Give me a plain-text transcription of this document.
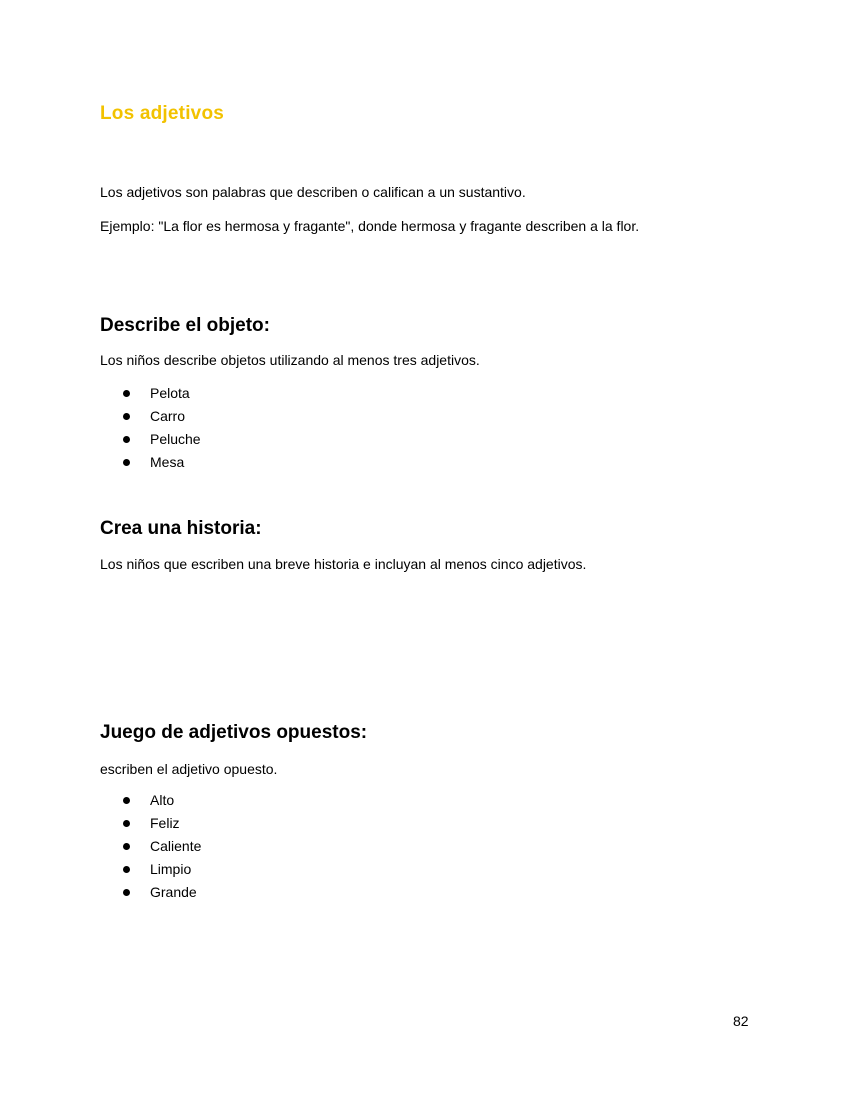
Los adjetivos

Los adjetivos son palabras que describen o califican a un sustantivo.

Ejemplo: "La flor es hermosa y fragante", donde hermosa y fragante describen a la flor.

Describe el objeto:

Los niños describe objetos utilizando al menos tres adjetivos.

Pelota
Carro
Peluche
Mesa
Crea una historia:

Los niños que escriben una breve historia e incluyan al menos cinco adjetivos.

Juego de adjetivos opuestos:

escriben el adjetivo opuesto.

Alto
Feliz
Caliente
Limpio
Grande

82
